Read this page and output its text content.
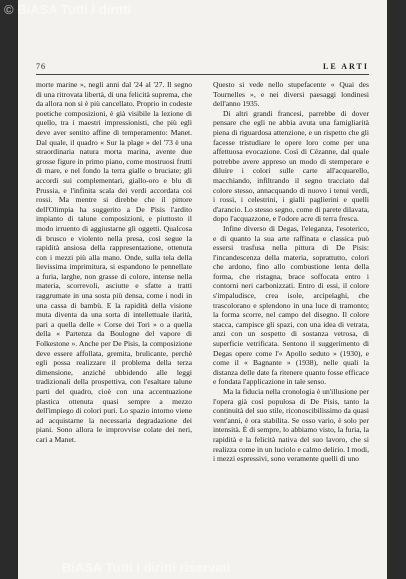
76	LE ARTI

morte marine », negli anni dal '24 al '27. Il segno di una ritrovata libertà, di una felicità suprema, che da allora non si è più cancellato. Proprio in codeste poetiche composizioni, è già visibile la lezione di quello, tra i maestri impressionisti, che più egli deve aver sentito affine di temperamento: Manet. Dal quale, il quadro « Sur la plage » del '73 è una straordinaria natura morta marina, avente due grosse figure in primo piano, come mostruosi frutti di mare, e nel fondo la terra gialle o bruciate; gli accordi sui complementari, giallo-oro e blu di Prussia, e l'infinita scala dei verdi accordata coi rossi. Ma mentre si direbbe che il pittore dell'Olimpia ha suggerito a De Pisis l'ardito impianto di talune composizioni, e piuttosto il modo irruento di aggiustarne gli oggetti. Qualcosa di brusco e violento nella presa, così segue la rapidità ansiosa della rappresentazione, ottenuta con i mezzi più alla mano. Onde, sulla tela della lievissima imprimitura, si espandono le pennellate a furia, larghe, non grasse di colore, intense nella materia, scorrevoli, asciutte e sfatte a tratti raggrumate in una sosta più densa, come i nodi in una cassa di bambù. E la rapidità della visione muta diventa da una sorta di intellettuale ilarità, pari a quella delle « Corse dei Tori » o a quella della « Partenza da Boulogne del vapore di Folkestone ». Anche per De Pisis, la composizione deve essere affollata, gremita, brulicante, perchè egli possa realizzare il problema della terza dimensione, anziché ubbidendo alle leggi tradizionali della prospettiva, con l'esaltare talune parti del quadro, cioè con una accentuazione plastica ottenuta quasi sempre a mezzo dell'impiego di colori puri. Lo spazio intorno viene ad acquistarne la necessaria degradazione dei piani. Sono allora le improvvise colate dei neri, cari a Manet.

Questo si vede nello stupefacente « Quai des Tournelles », e nei diversi paesaggi londinesi dell'anno 1935.

Di altri grandi francesi, parrebbe di dover pensare che egli ne abbia avuta una famigliarità piena di riguardosa attenzione, e un rispetto che gli facesse tristudiare le opere loro come per una affettuosa evocazione. Così di Cézanne, dal quale potrebbe avere appreso un modo di stemperare e diluire i colori sulle carte all'acquarello, macchiando, infiltrando il segno tracciato dal colore stesso, annacquando di nuovo i tenui verdi, i rossi, i celestrini, i gialli paglierini e quelli d'arancio. Lo stesso segno, come di parete dilavata, dopo l'acquazzone, e l'odore acre di terra fresca.

Infine diverso di Degas, l'eleganza, l'esoterico, e di quanto la sua arte raffinata e classica può essersi trasfusa nella pittura di De Pisis: l'incandescenza della materia, soprattutto, colori che ardono, fino allo combustione lenta della forma, che ristagna, brace soffocata entro i contorni neri carbonizzati. Entro di essi, il colore s'impaludisce, crea isole, arcipelaghi, che trascolorano e splendono in una luce di tramonto; la forma scorre, nel campo del disegno. Il colore stacca, campisce gli spazi, con una idea di vetrata, anzi con un sospetto di sostanza vetrosa, di superficie vetrificata. Sentono il suggerimento di Degas opere come l'« Apollo seduto » (1930), e come il « Bagnante » (1938), nelle quali la distanza delle date fa ritenere quanto fosse efficace e fondata l'applicazione in tale senso.

Ma la fiducia nella cronologia è un'illusione per l'opera già così populosa di De Pisis, tanto la continuità del suo stile, riconoscibilissimo da quasi vent'anni, è ora stabilita. Se osso vario, è solo per intensità. È di sempre, lo abbiamo visto, la furia, la rapidità e la felicità nativa del suo lavoro, che si realizza come in un luciolo e calmo delirio. I modi, i mezzi espressivi, sono veramente quelli di uno

© BiASA Tutti i diritti
BiASA Tutti i diritti riservati
